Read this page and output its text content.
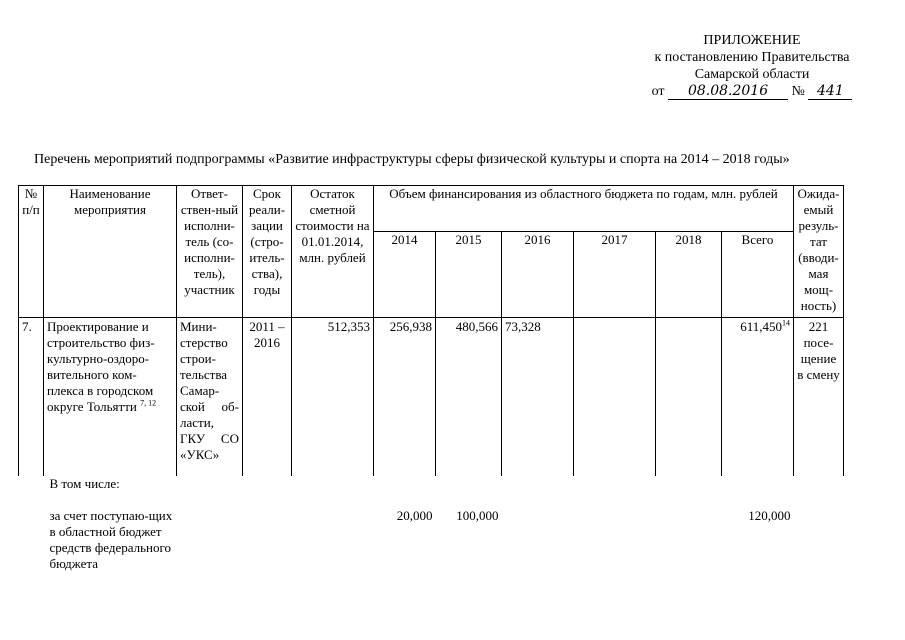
ПРИЛОЖЕНИЕ
к постановлению Правительства
Самарской области
от 08.08.2016 № 441
Перечень мероприятий подпрограммы «Развитие инфраструктуры сферы физической культуры и спорта на 2014 – 2018 годы»
№ п/п	Наименование мероприятия	Ответ-ствен-ный исполни-тель (со-исполни-тель), участник	Срок реали-зации (стро-итель-ства), годы	Остаток сметной стоимости на 01.01.2014, млн. рублей	Объем финансирования из областного бюджета по годам, млн. рублей						Ожида-емый резуль-тат (вводи-мая мощ-ность)
					2014	2015	2016	2017	2018	Всего	
7.	Проектирование и строительство физ-культурно-оздоро-вительного ком-плекса в городском округе Тольятти $^{7, 12}$	Мини-стерство строи-тельства Самар-ской об-ласти, ГКУ СО «УКС»	2011 – 2016	512,353	256,938	480,566	73,328			611,450$^{14}$	221 посе-щение в смену
	В том числе:										
	за счет поступаю-щих в областной бюджет средств федерального бюджета				20,000	100,000				120,000	
